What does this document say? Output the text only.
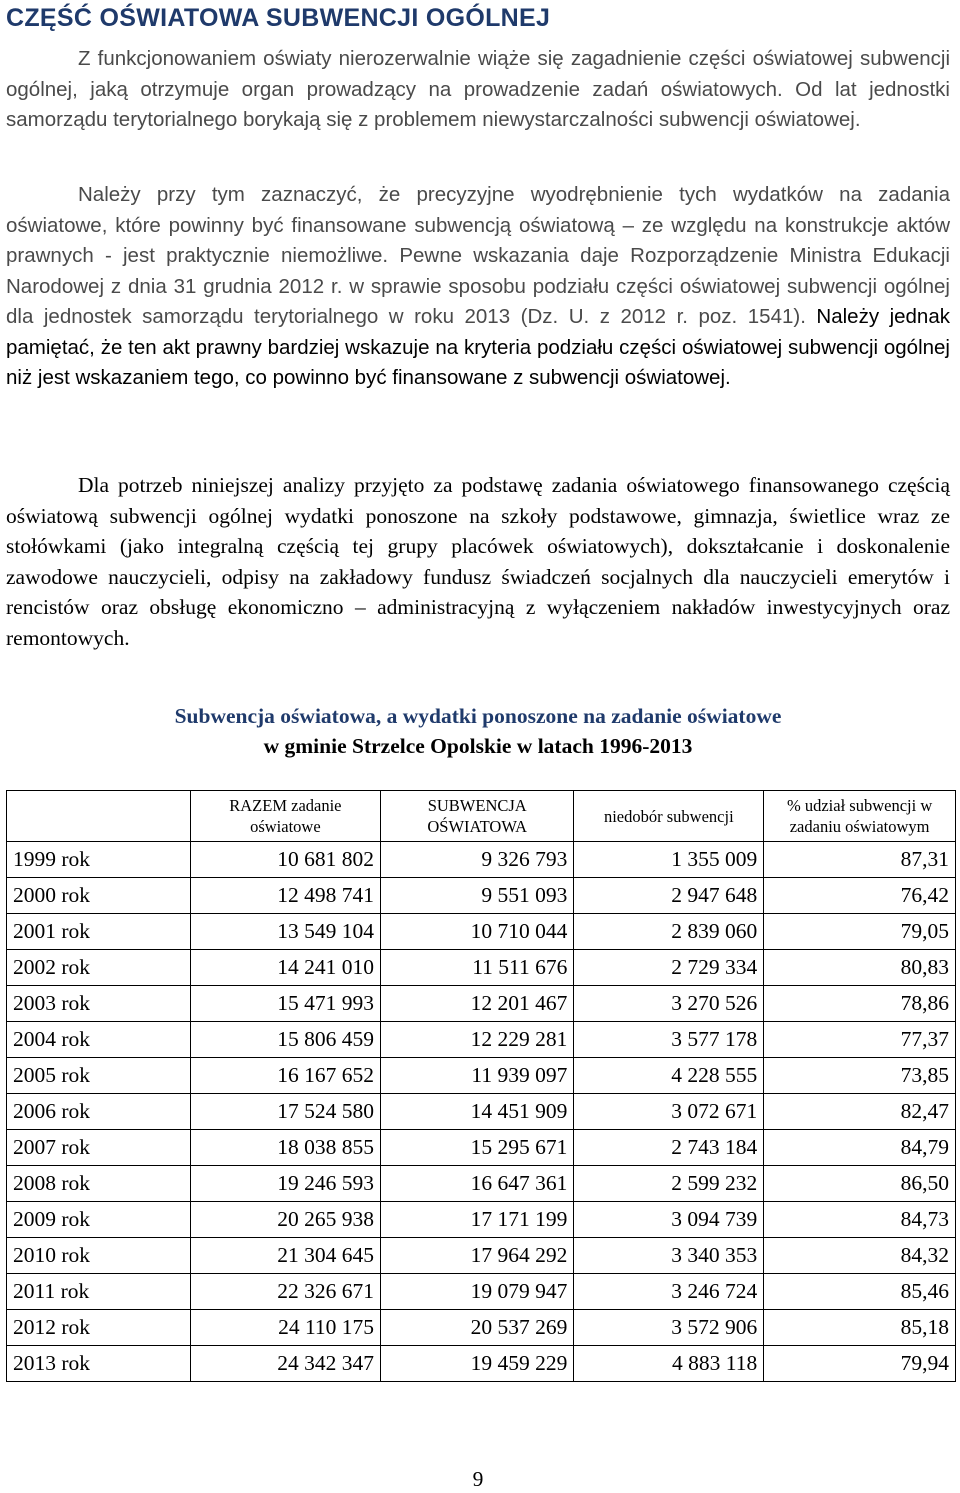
CZĘŚĆ OŚWIATOWA SUBWENCJI OGÓLNEJ

Z funkcjonowaniem oświaty nierozerwalnie wiąże się zagadnienie części oświatowej subwencji ogólnej, jaką otrzymuje organ prowadzący na prowadzenie zadań oświatowych. Od lat jednostki samorządu terytorialnego borykają się z problemem niewystarczalności subwencji oświatowej.

Należy przy tym zaznaczyć, że precyzyjne wyodrębnienie tych wydatków na zadania oświatowe, które powinny być finansowane subwencją oświatową – ze względu na konstrukcje aktów prawnych - jest praktycznie niemożliwe. Pewne wskazania daje Rozporządzenie Ministra Edukacji Narodowej z dnia 31 grudnia 2012 r. w sprawie sposobu podziału części oświatowej subwencji ogólnej dla jednostek samorządu terytorialnego w roku 2013 (Dz. U. z 2012 r. poz. 1541). Należy jednak pamiętać, że ten akt prawny bardziej wskazuje na kryteria podziału części oświatowej subwencji ogólnej niż jest wskazaniem tego, co powinno być finansowane z subwencji oświatowej.

Dla potrzeb niniejszej analizy przyjęto za podstawę zadania oświatowego finansowanego częścią oświatową subwencji ogólnej wydatki ponoszone na szkoły podstawowe, gimnazja, świetlice wraz ze stołówkami (jako integralną częścią tej grupy placówek oświatowych), dokształcanie i doskonalenie zawodowe nauczycieli, odpisy na zakładowy fundusz świadczeń socjalnych dla nauczycieli emerytów i rencistów oraz obsługę ekonomiczno – administracyjną z wyłączeniem nakładów inwestycyjnych oraz remontowych.

Subwencja oświatowa, a wydatki ponoszone na zadanie oświatowe
w gminie Strzelce Opolskie w latach 1996-2013
	RAZEM zadanie oświatowe	SUBWENCJA OŚWIATOWA	niedobór subwencji	% udział subwencji w zadaniu oświatowym
1999 rok	10 681 802	9 326 793	1 355 009	87,31
2000 rok	12 498 741	9 551 093	2 947 648	76,42
2001 rok	13 549 104	10 710 044	2 839 060	79,05
2002 rok	14 241 010	11 511 676	2 729 334	80,83
2003 rok	15 471 993	12 201 467	3 270 526	78,86
2004 rok	15 806 459	12 229 281	3 577 178	77,37
2005 rok	16 167 652	11 939 097	4 228 555	73,85
2006 rok	17 524 580	14 451 909	3 072 671	82,47
2007 rok	18 038 855	15 295 671	2 743 184	84,79
2008 rok	19 246 593	16 647 361	2 599 232	86,50
2009 rok	20 265 938	17 171 199	3 094 739	84,73
2010 rok	21 304 645	17 964 292	3 340 353	84,32
2011 rok	22 326 671	19 079 947	3 246 724	85,46
2012 rok	24 110 175	20 537 269	3 572 906	85,18
2013 rok	24 342 347	19 459 229	4 883 118	79,94
9
